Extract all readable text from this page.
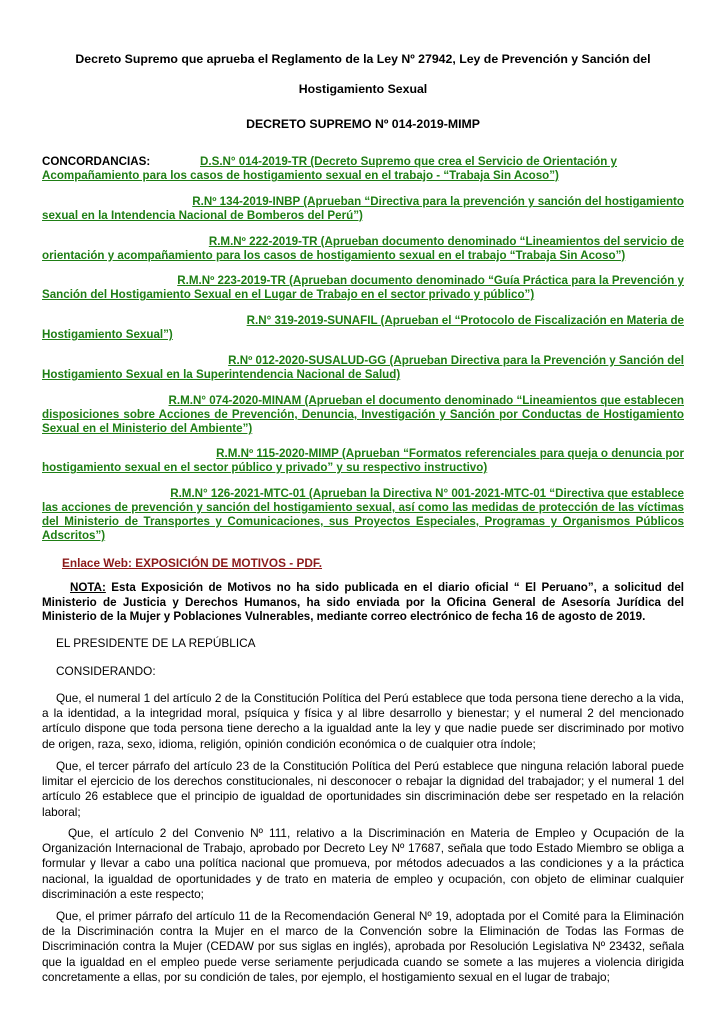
Decreto Supremo que aprueba el Reglamento de la Ley Nº 27942, Ley de Prevención y Sanción del
Hostigamiento Sexual
DECRETO SUPREMO Nº 014-2019-MIMP
CONCORDANCIAS:	D.S.N° 014-2019-TR (Decreto Supremo que crea el Servicio de Orientación y
Acompañamiento para los casos de hostigamiento sexual en el trabajo - “Trabaja Sin Acoso”)
R.Nº 134-2019-INBP (Aprueban “Directiva para la prevención y sanción del hostigamiento
sexual en la Intendencia Nacional de Bomberos del Perú”)
R.M.Nº 222-2019-TR (Aprueban documento denominado “Lineamientos del servicio de
orientación y acompañamiento para los casos de hostigamiento sexual en el trabajo “Trabaja Sin Acoso”)
R.M.Nº 223-2019-TR (Aprueban documento denominado “Guía Práctica para la Prevención y
Sanción del Hostigamiento Sexual en el Lugar de Trabajo en el sector privado y público”)
R.N° 319-2019-SUNAFIL (Aprueban el “Protocolo de Fiscalización en Materia de
Hostigamiento Sexual”)
R.Nº 012-2020-SUSALUD-GG (Aprueban Directiva para la Prevención y Sanción del
Hostigamiento Sexual en la Superintendencia Nacional de Salud)
R.M.N° 074-2020-MINAM (Aprueban el documento denominado “Lineamientos que establecen
disposiciones sobre Acciones de Prevención, Denuncia, Investigación y Sanción por Conductas de Hostigamiento Sexual en el Ministerio del Ambiente”)
R.M.Nº 115-2020-MIMP (Aprueban “Formatos referenciales para queja o denuncia por
hostigamiento sexual en el sector público y privado” y su respectivo instructivo)
R.M.N° 126-2021-MTC-01 (Aprueban la Directiva N° 001-2021-MTC-01 “Directiva que establece
las acciones de prevención y sanción del hostigamiento sexual, así como las medidas de protección de las víctimas del Ministerio de Transportes y Comunicaciones, sus Proyectos Especiales, Programas y Organismos Públicos Adscritos”)
Enlace Web: EXPOSICIÓN DE MOTIVOS - PDF.
NOTA: Esta Exposición de Motivos no ha sido publicada en el diario oficial “ El Peruano”, a solicitud del Ministerio de Justicia y Derechos Humanos, ha sido enviada por la Oficina General de Asesoría Jurídica del Ministerio de la Mujer y Poblaciones Vulnerables, mediante correo electrónico de fecha 16 de agosto de 2019.
EL PRESIDENTE DE LA REPÚBLICA
CONSIDERANDO:
Que, el numeral 1 del artículo 2 de la Constitución Política del Perú establece que toda persona tiene derecho a la vida, a la identidad, a la integridad moral, psíquica y física y al libre desarrollo y bienestar; y el numeral 2 del mencionado artículo dispone que toda persona tiene derecho a la igualdad ante la ley y que nadie puede ser discriminado por motivo de origen, raza, sexo, idioma, religión, opinión condición económica o de cualquier otra índole;
Que, el tercer párrafo del artículo 23 de la Constitución Política del Perú establece que ninguna relación laboral puede limitar el ejercicio de los derechos constitucionales, ni desconocer o rebajar la dignidad del trabajador; y el numeral 1 del artículo 26 establece que el principio de igualdad de oportunidades sin discriminación debe ser respetado en la relación laboral;
Que, el artículo 2 del Convenio Nº 111, relativo a la Discriminación en Materia de Empleo y Ocupación de la Organización Internacional de Trabajo, aprobado por Decreto Ley Nº 17687, señala que todo Estado Miembro se obliga a formular y llevar a cabo una política nacional que promueva, por métodos adecuados a las condiciones y a la práctica nacional, la igualdad de oportunidades y de trato en materia de empleo y ocupación, con objeto de eliminar cualquier discriminación a este respecto;
Que, el primer párrafo del artículo 11 de la Recomendación General Nº 19, adoptada por el Comité para la Eliminación de la Discriminación contra la Mujer en el marco de la Convención sobre la Eliminación de Todas las Formas de Discriminación contra la Mujer (CEDAW por sus siglas en inglés), aprobada por Resolución Legislativa Nº 23432, señala que la igualdad en el empleo puede verse seriamente perjudicada cuando se somete a las mujeres a violencia dirigida concretamente a ellas, por su condición de tales, por ejemplo, el hostigamiento sexual en el lugar de trabajo;
